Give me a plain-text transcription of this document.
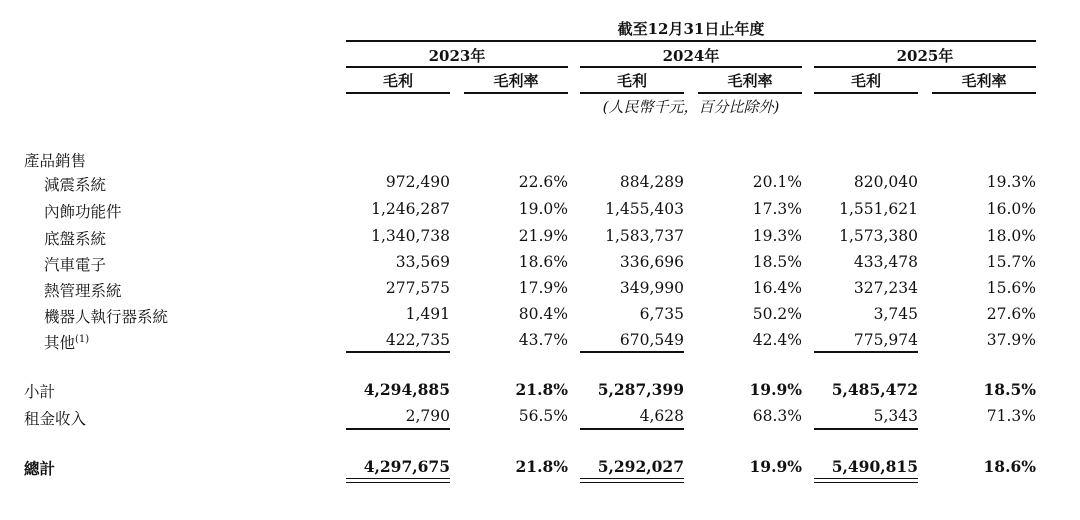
截至12月31日止年度
2023年	2024年	2025年
毛利	毛利率	毛利	毛利率	毛利	毛利率
(人民幣千元，百分比除外)
產品銷售
減震系統	972,490	22.6%	884,289	20.1%	820,040	19.3%
內飾功能件	1,246,287	19.0%	1,455,403	17.3%	1,551,621	16.0%
底盤系統	1,340,738	21.9%	1,583,737	19.3%	1,573,380	18.0%
汽車電子	33,569	18.6%	336,696	18.5%	433,478	15.7%
熱管理系統	277,575	17.9%	349,990	16.4%	327,234	15.6%
機器人執行器系統	1,491	80.4%	6,735	50.2%	3,745	27.6%
其他$^{(1)}$	422,735	43.7%	670,549	42.4%	775,974	37.9%
小計	4,294,885	21.8%	5,287,399	19.9%	5,485,472	18.5%
租金收入	2,790	56.5%	4,628	68.3%	5,343	71.3%
總計	4,297,675	21.8%	5,292,027	19.9%	5,490,815	18.6%
